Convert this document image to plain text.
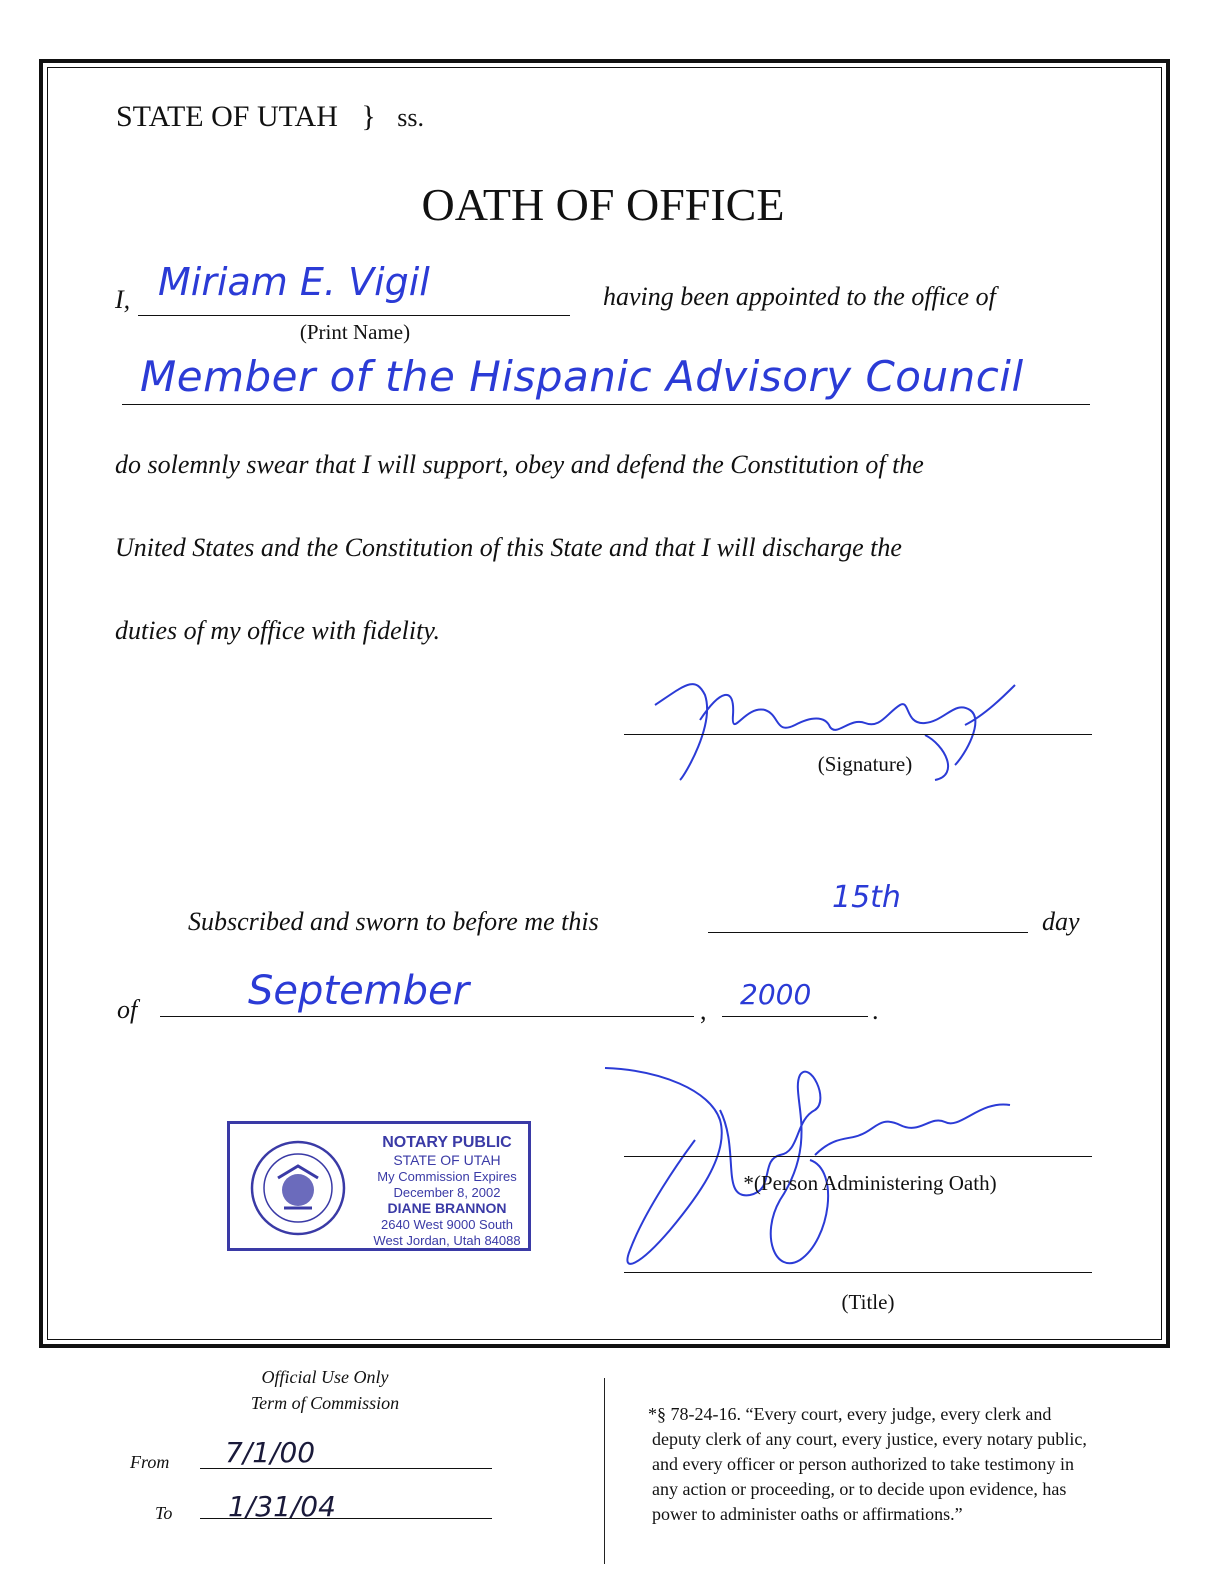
STATE OF UTAH } ss.
OATH OF OFFICE
I, Miriam E. Vigil
(Print Name)
having been appointed to the office of
Member of the Hispanic Advisory Council
do solemnly swear that I will support, obey and defend the Constitution of the
United States and the Constitution of this State and that I will discharge the
duties of my office with fidelity.
(Signature)
Subscribed and sworn to before me this
15th
day
of	September	, 2000 .
NOTARY PUBLIC
STATE OF UTAH
My Commission Expires
December 8, 2002
DIANE BRANNON
2640 West 9000 South
West Jordan, Utah 84088
*(Person Administering Oath)
(Title)
Official Use Only
Term of Commission
From 7/1/00
To 1/31/04
*§ 78-24-16. “Every court, every judge, every clerk and
deputy clerk of any court, every justice, every notary public,
and every officer or person authorized to take testimony in
any action or proceeding, or to decide upon evidence, has
power to administer oaths or affirmations.”
